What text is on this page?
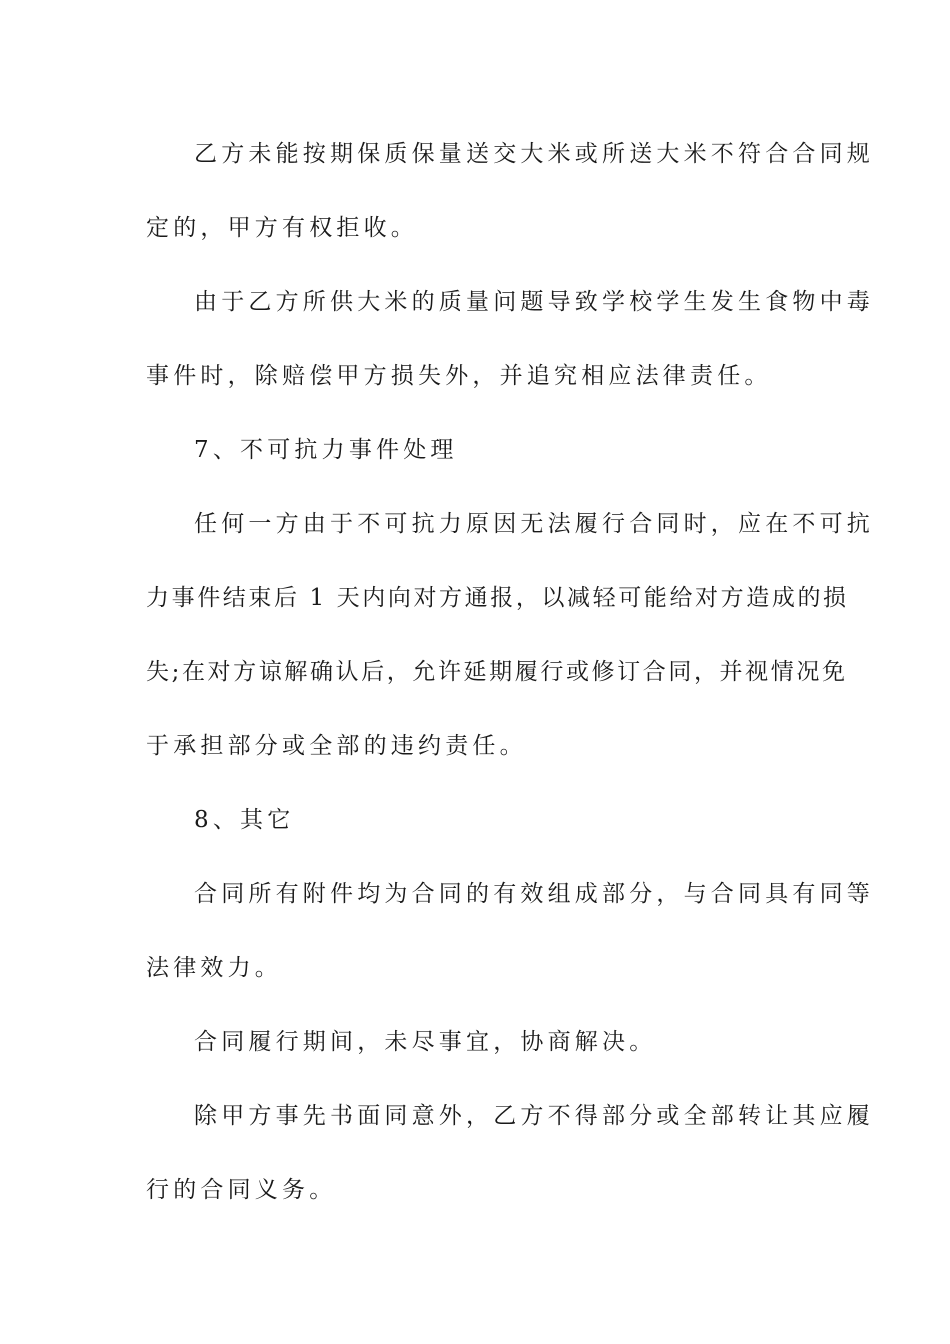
乙方未能按期保质保量送交大米或所送大米不符合合同规
定的，甲方有权拒收。
由于乙方所供大米的质量问题导致学校学生发生食物中毒
事件时，除赔偿甲方损失外，并追究相应法律责任。
7、不可抗力事件处理
任何一方由于不可抗力原因无法履行合同时，应在不可抗
力事件结束后 1 天内向对方通报，以减轻可能给对方造成的损
失;在对方谅解确认后，允许延期履行或修订合同，并视情况免
于承担部分或全部的违约责任。
8、其它
合同所有附件均为合同的有效组成部分，与合同具有同等
法律效力。
合同履行期间，未尽事宜，协商解决。
除甲方事先书面同意外，乙方不得部分或全部转让其应履
行的合同义务。
